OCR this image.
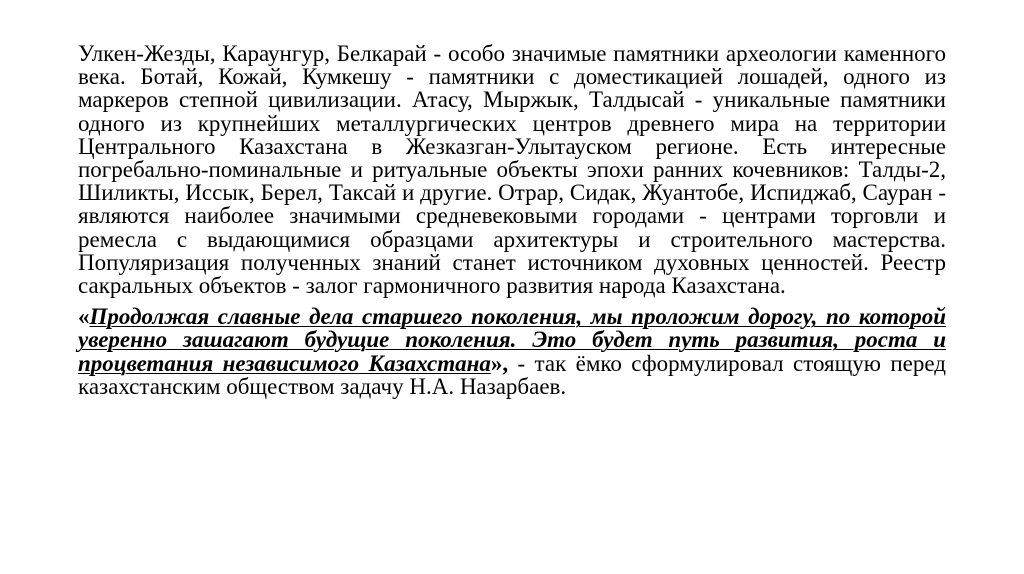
Улкен-Жезды, Караунгур, Белкарай - особо значимые памятники археологии каменного века. Ботай, Кожай, Кумкешу - памятники с доместикацией лошадей, одного из маркеров степной цивилизации. Атасу, Мыржык, Талдысай - уникальные памятники одного из крупнейших металлургических центров древнего мира на территории Центрального Казахстана в Жезказган-Улытауском регионе. Есть интересные погребально-поминальные и ритуальные объекты эпохи ранних кочевников: Талды-2, Шиликты, Иссык, Берел, Таксай и другие. Отрар, Сидак, Жуантобе, Испиджаб, Сауран - являются наиболее значимыми средневековыми городами - центрами торговли и ремесла с выдающимися образцами архитектуры и строительного мастерства. Популяризация полученных знаний станет источником духовных ценностей. Реестр сакральных объектов - залог гармоничного развития народа Казахстана.

«Продолжая славные дела старшего поколения, мы проложим дорогу, по которой уверенно зашагают будущие поколения. Это будет путь развития, роста и процветания независимого Казахстана», - так ёмко сформулировал стоящую перед казахстанским обществом задачу Н.А. Назарбаев.
